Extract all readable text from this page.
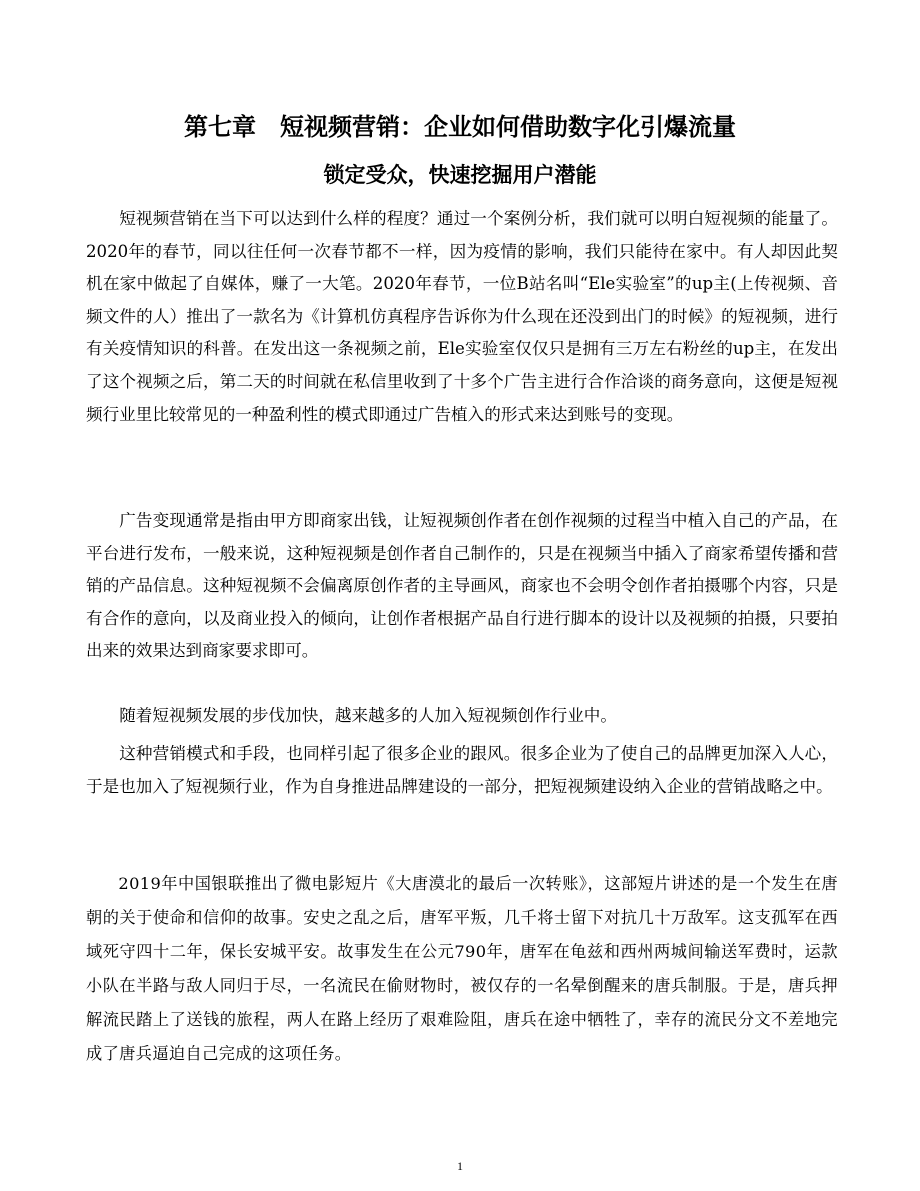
第七章　短视频营销：企业如何借助数字化引爆流量
锁定受众，快速挖掘用户潜能

短视频营销在当下可以达到什么样的程度？通过一个案例分析，我们就可以明白短视频的能量了。2020年的春节，同以往任何一次春节都不一样，因为疫情的影响，我们只能待在家中。有人却因此契机在家中做起了自媒体，赚了一大笔。2020年春节，一位B站名叫“Ele实验室”的up主(上传视频、音频文件的人）推出了一款名为《计算机仿真程序告诉你为什么现在还没到出门的时候》的短视频，进行有关疫情知识的科普。在发出这一条视频之前，Ele实验室仅仅只是拥有三万左右粉丝的up主，在发出了这个视频之后，第二天的时间就在私信里收到了十多个广告主进行合作洽谈的商务意向，这便是短视频行业里比较常见的一种盈利性的模式即通过广告植入的形式来达到账号的变现。

广告变现通常是指由甲方即商家出钱，让短视频创作者在创作视频的过程当中植入自己的产品，在平台进行发布，一般来说，这种短视频是创作者自己制作的，只是在视频当中插入了商家希望传播和营销的产品信息。这种短视频不会偏离原创作者的主导画风，商家也不会明令创作者拍摄哪个内容，只是有合作的意向，以及商业投入的倾向，让创作者根据产品自行进行脚本的设计以及视频的拍摄，只要拍出来的效果达到商家要求即可。

随着短视频发展的步伐加快，越来越多的人加入短视频创作行业中。

这种营销模式和手段，也同样引起了很多企业的跟风。很多企业为了使自己的品牌更加深入人心，于是也加入了短视频行业，作为自身推进品牌建设的一部分，把短视频建设纳入企业的营销战略之中。

2019年中国银联推出了微电影短片《大唐漠北的最后一次转账》，这部短片讲述的是一个发生在唐朝的关于使命和信仰的故事。安史之乱之后，唐军平叛，几千将士留下对抗几十万敌军。这支孤军在西域死守四十二年，保长安城平安。故事发生在公元790年，唐军在龟兹和西州两城间输送军费时，运款小队在半路与敌人同归于尽，一名流民在偷财物时，被仅存的一名晕倒醒来的唐兵制服。于是，唐兵押解流民踏上了送钱的旅程，两人在路上经历了艰难险阻，唐兵在途中牺牲了，幸存的流民分文不差地完成了唐兵逼迫自己完成的这项任务。

1
